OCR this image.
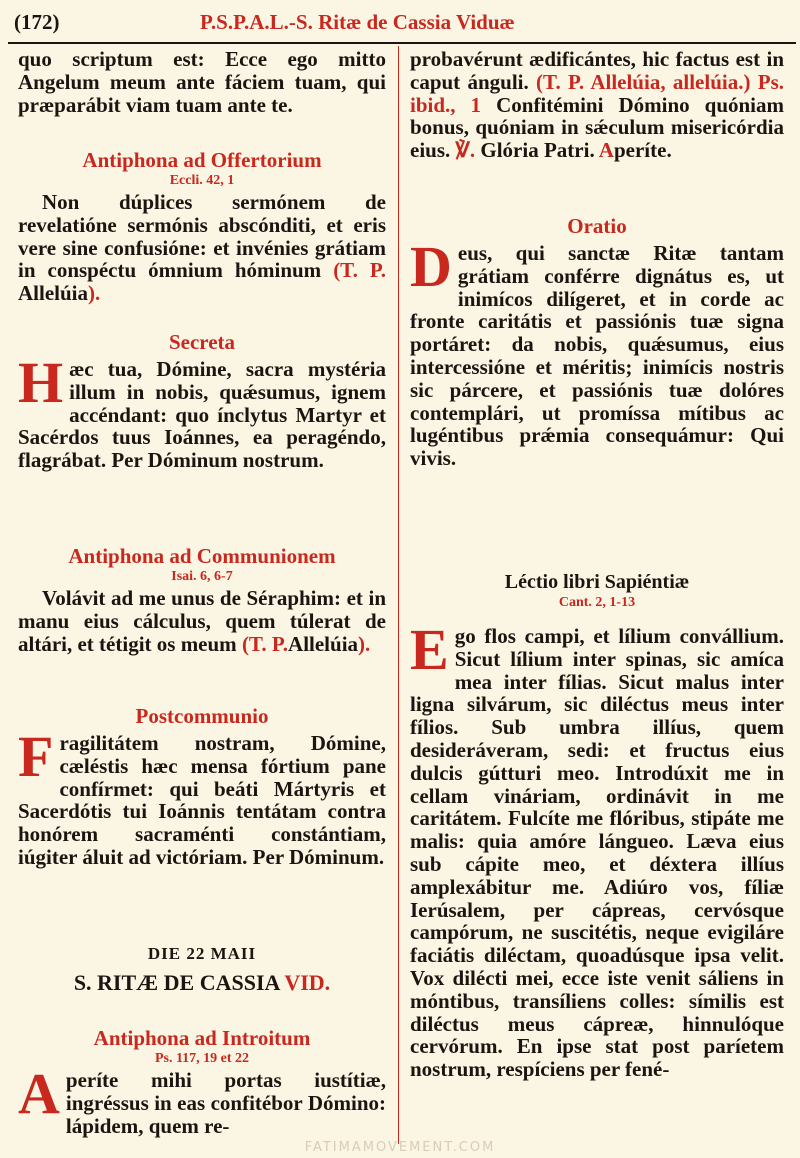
(172)	P.S.P.A.L.-S. Ritæ de Cassia Viduæ

quo scriptum est: Ecce ego mitto Angelum meum ante fáciem tuam, qui præparábit viam tuam ante te.

Antiphona ad Offertorium
Eccli. 42, 1

Non dúplices sermónem de revelatióne sermónis abscónditi, et eris vere sine confusióne: et invénies grátiam in conspéctu ómnium hóminum (T. P. Allelúia).

Secreta

Hæc tua, Dómine, sacra mystéria illum in nobis, quǽsumus, ignem accéndant: quo ínclytus Martyr et Sacérdos tuus Ioánnes, ea peragéndo, flagrábat. Per Dóminum nostrum.

Antiphona ad Communionem
Isai. 6, 6-7

Volávit ad me unus de Séraphim: et in manu eius cálculus, quem túlerat de altári, et tétigit os meum (T. P.Allelúia).

Postcommunio

Fragilitátem nostram, Dómine, cæléstis hæc mensa fórtium pane confírmet: qui beáti Mártyris et Sacerdótis tui Ioánnis tentátam contra honórem sacraménti constántiam, iúgiter áluit ad victóriam. Per Dóminum.

DIE 22 MAII
S. RITÆ DE CASSIA VID.
Antiphona ad Introitum
Ps. 117, 19 et 22

Aperíte mihi portas iustítiæ, ingréssus in eas confitébor Dómino: lápidem, quem re-

probavérunt ædificántes, hic factus est in caput ánguli. (T. P. Allelúia, allelúia.) Ps. ibid., 1 Confitémini Dómino quóniam bonus, quóniam in sǽculum misericórdia eius. ℣. Glória Patri. Aperíte.

Oratio

Deus, qui sanctæ Ritæ tantam grátiam conférre dignátus es, ut inimícos dilígeret, et in corde ac fronte caritátis et passiónis tuæ signa portáret: da nobis, quǽsumus, eius intercessióne et méritis; inimícis nostris sic párcere, et passiónis tuæ dolóres contemplári, ut promíssa mítibus ac lugéntibus prǽmia consequámur: Qui vivis.

Léctio libri Sapiéntiæ
Cant. 2, 1-13

Ego flos campi, et lílium convállium. Sicut lílium inter spinas, sic amíca mea inter fílias. Sicut malus inter ligna silvárum, sic diléctus meus inter fílios. Sub umbra illíus, quem desideráveram, sedi: et fructus eius dulcis gútturi meo. Introdúxit me in cellam vináriam, ordinávit in me caritátem. Fulcíte me flóribus, stipáte me malis: quia amóre lángueo. Læva eius sub cápite meo, et déxtera illíus amplexábitur me. Adiúro vos, fíliæ Ierúsalem, per cápreas, cervósque campórum, ne suscitétis, neque evigiláre faciátis diléctam, quoadúsque ipsa velit. Vox dilécti mei, ecce iste venit sáliens in móntibus, transíliens colles: símilis est diléctus meus cápreæ, hinnulóque cervórum. En ipse stat post paríetem nostrum, respíciens per fené-

FATIMAMOVEMENT.COM
